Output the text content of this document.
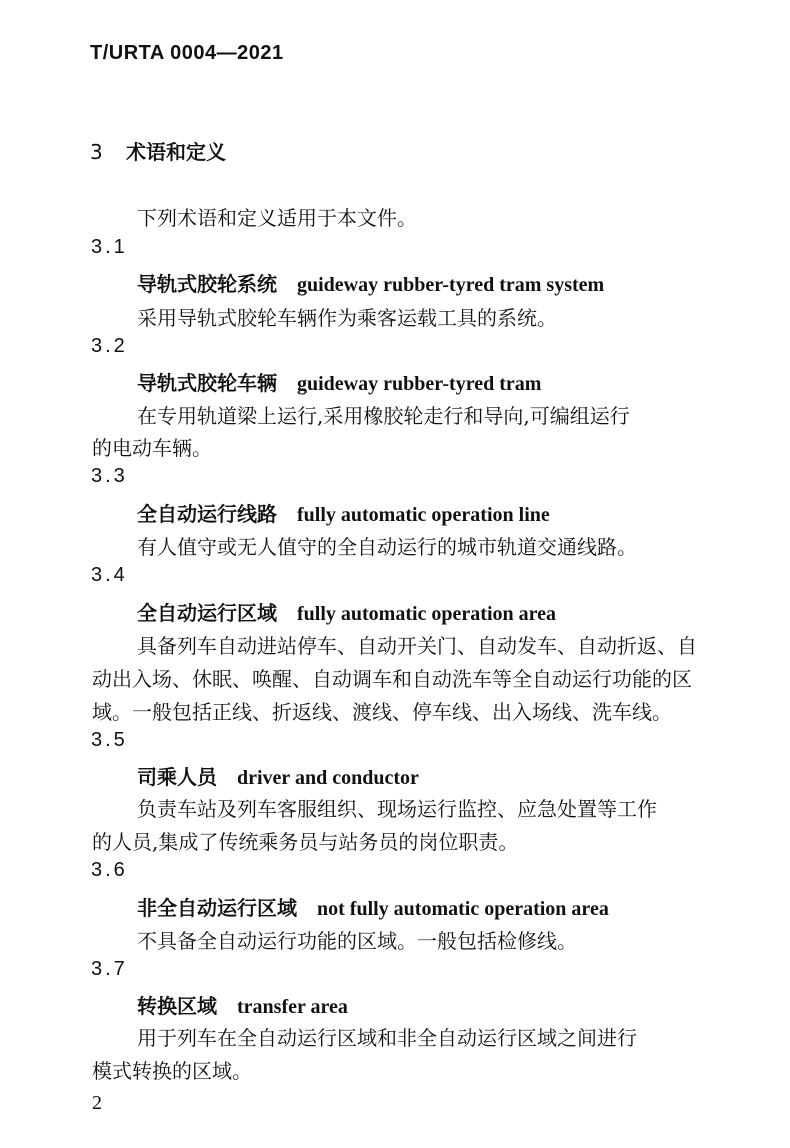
T/URTA 0004—2021
3 术语和定义
下列术语和定义适用于本文件。
3.1
导轨式胶轮系统 guideway rubber-tyred tram system
采用导轨式胶轮车辆作为乘客运载工具的系统。
3.2
导轨式胶轮车辆 guideway rubber-tyred tram
在专用轨道梁上运行,采用橡胶轮走行和导向,可编组运行
的电动车辆。
3.3
全自动运行线路 fully automatic operation line
有人值守或无人值守的全自动运行的城市轨道交通线路。
3.4
全自动运行区域 fully automatic operation area
具备列车自动进站停车、自动开关门、自动发车、自动折返、自
动出入场、休眠、唤醒、自动调车和自动洗车等全自动运行功能的区
域。一般包括正线、折返线、渡线、停车线、出入场线、洗车线。
3.5
司乘人员 driver and conductor
负责车站及列车客服组织、现场运行监控、应急处置等工作
的人员,集成了传统乘务员与站务员的岗位职责。
3.6
非全自动运行区域 not fully automatic operation area
不具备全自动运行功能的区域。一般包括检修线。
3.7
转换区域 transfer area
用于列车在全自动运行区域和非全自动运行区域之间进行
模式转换的区域。
2
